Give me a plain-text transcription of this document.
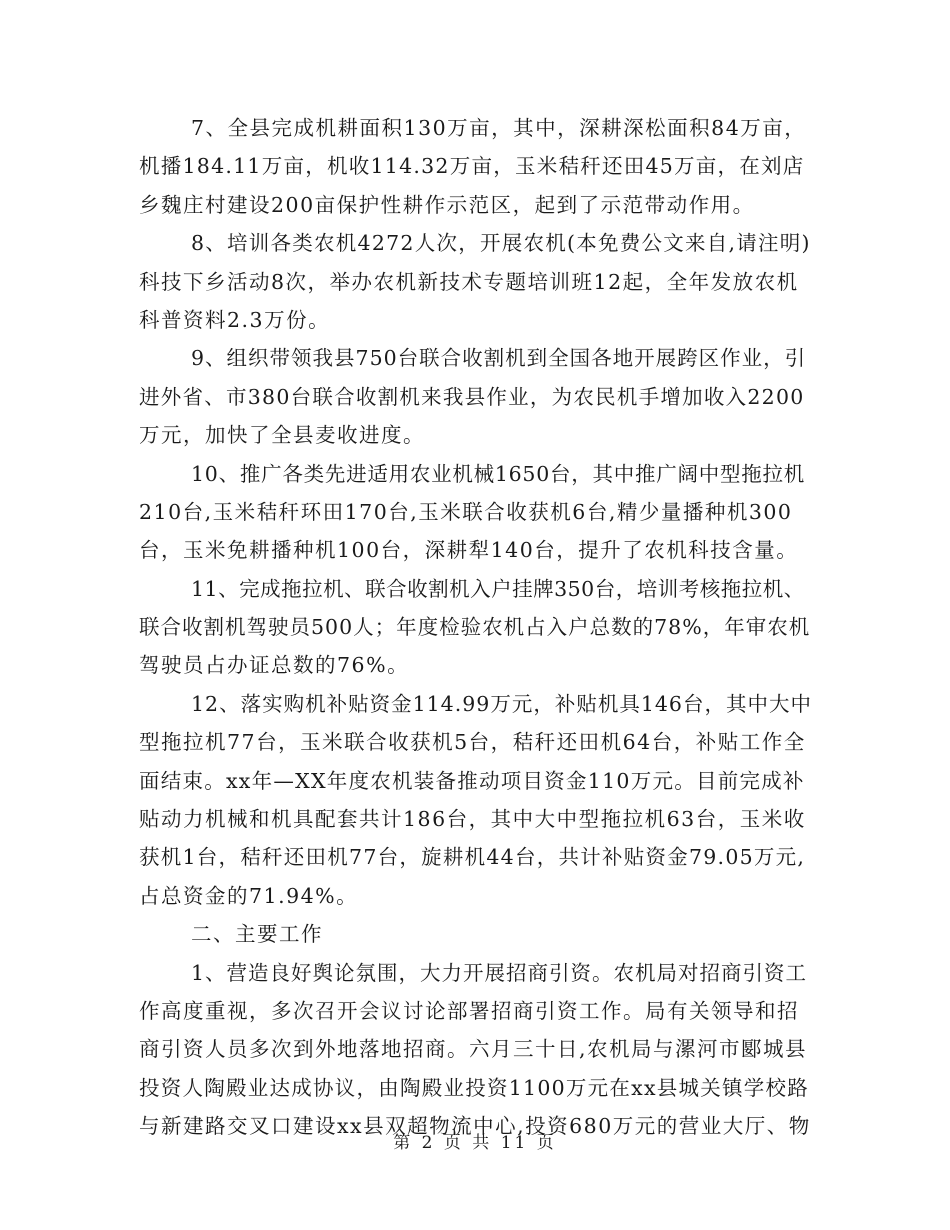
7、全县完成机耕面积130万亩，其中，深耕深松面积84万亩，
机播184.11万亩，机收114.32万亩，玉米秸秆还田45万亩，在刘店
乡魏庄村建设200亩保护性耕作示范区，起到了示范带动作用。
8、培训各类农机4272人次，开展农机(本免费公文来自,请注明)
科技下乡活动8次，举办农机新技术专题培训班12起，全年发放农机
科普资料2.3万份。
9、组织带领我县750台联合收割机到全国各地开展跨区作业，引
进外省、市380台联合收割机来我县作业，为农民机手增加收入2200
万元，加快了全县麦收进度。
10、推广各类先进适用农业机械1650台，其中推广阔中型拖拉机
210台,玉米秸秆环田170台,玉米联合收获机6台,精少量播种机300
台，玉米免耕播种机100台，深耕犁140台，提升了农机科技含量。
11、完成拖拉机、联合收割机入户挂牌350台，培训考核拖拉机、
联合收割机驾驶员500人；年度检验农机占入户总数的78%，年审农机
驾驶员占办证总数的76%。
12、落实购机补贴资金114.99万元，补贴机具146台，其中大中
型拖拉机77台，玉米联合收获机5台，秸秆还田机64台，补贴工作全
面结束。xx年—XX年度农机装备推动项目资金110万元。目前完成补
贴动力机械和机具配套共计186台，其中大中型拖拉机63台，玉米收
获机1台，秸秆还田机77台，旋耕机44台，共计补贴资金79.05万元,
占总资金的71.94%。
二、主要工作
1、营造良好舆论氛围，大力开展招商引资。农机局对招商引资工
作高度重视，多次召开会议讨论部署招商引资工作。局有关领导和招
商引资人员多次到外地落地招商。六月三十日,农机局与漯河市郾城县
投资人陶殿业达成协议，由陶殿业投资1100万元在xx县城关镇学校路
与新建路交叉口建设xx县双超物流中心,投资680万元的营业大厅、物
第 2 页 共 11 页
